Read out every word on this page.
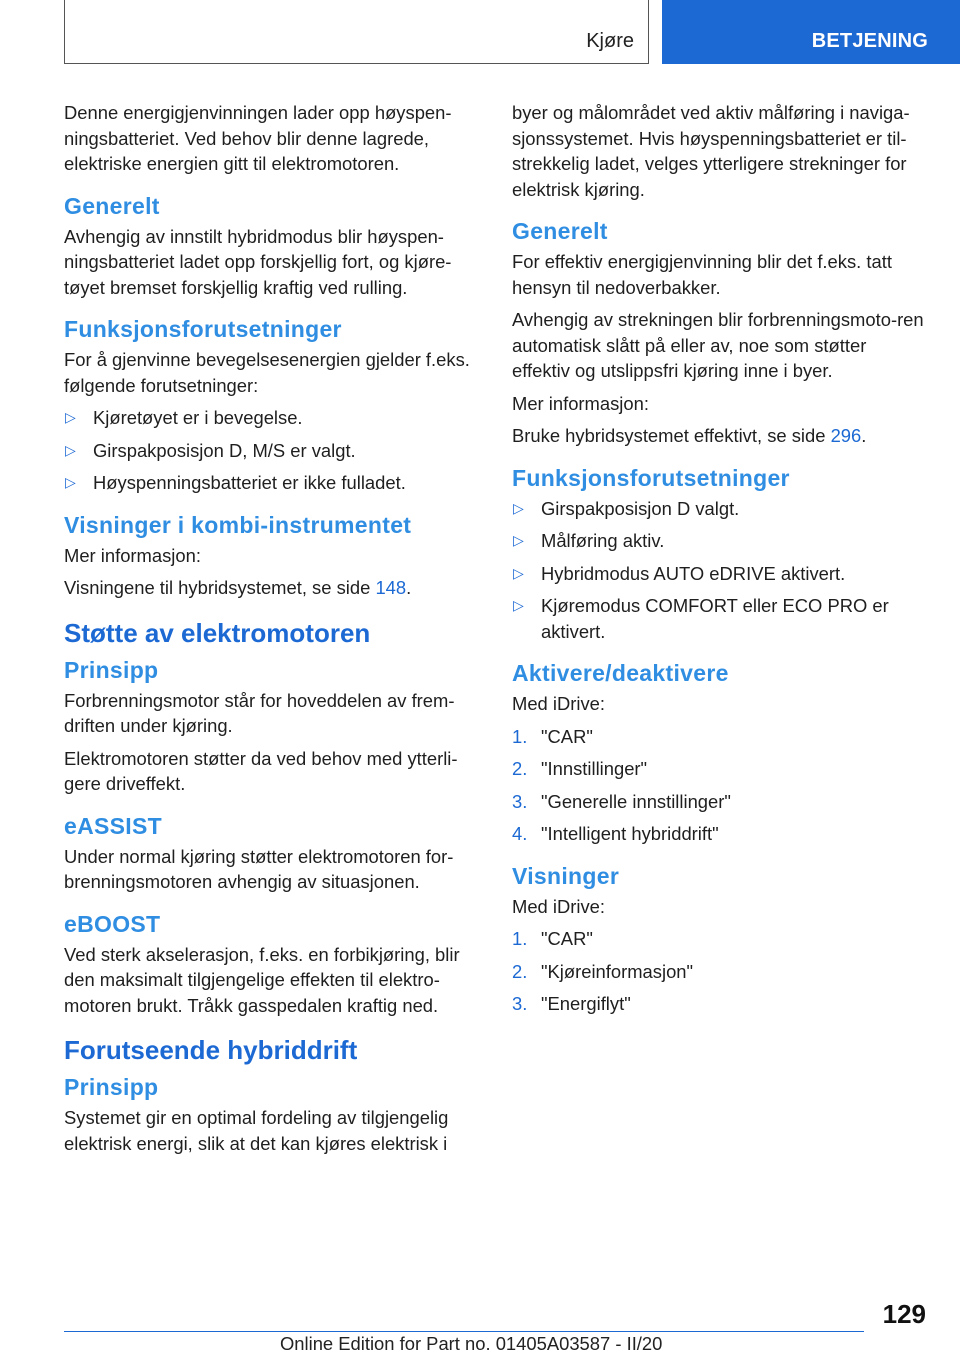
Kjøre	BETJENING

Denne energigjenvinningen lader opp høyspen-ningsbatteriet. Ved behov blir denne lagrede, elektriske energien gitt til elektromotoren.

Generelt

Avhengig av innstilt hybridmodus blir høyspen-ningsbatteriet ladet opp forskjellig fort, og kjøre-tøyet bremset forskjellig kraftig ved rulling.

Funksjonsforutsetninger

For å gjenvinne bevegelsesenergien gjelder f.eks. følgende forutsetninger:

▷ Kjøretøyet er i bevegelse.
▷ Girspakposisjon D, M/S er valgt.
▷ Høyspenningsbatteriet er ikke fulladet.
Visninger i kombi-instrumentet

Mer informasjon:

Visningene til hybridsystemet, se side 148.

Støtte av elektromotoren
Prinsipp

Forbrenningsmotor står for hoveddelen av frem-driften under kjøring.

Elektromotoren støtter da ved behov med ytterli-gere driveffekt.

eASSIST

Under normal kjøring støtter elektromotoren for-brenningsmotoren avhengig av situasjonen.

eBOOST

Ved sterk akselerasjon, f.eks. en forbikjøring, blir den maksimalt tilgjengelige effekten til elektro-motoren brukt. Tråkk gasspedalen kraftig ned.

Forutseende hybriddrift
Prinsipp

Systemet gir en optimal fordeling av tilgjengelig elektrisk energi, slik at det kan kjøres elektrisk i

byer og målområdet ved aktiv målføring i naviga-sjonssystemet. Hvis høyspenningsbatteriet er til-strekkelig ladet, velges ytterligere strekninger for elektrisk kjøring.

Generelt

For effektiv energigjenvinning blir det f.eks. tatt hensyn til nedoverbakker.

Avhengig av strekningen blir forbrenningsmoto-ren automatisk slått på eller av, noe som støtter effektiv og utslippsfri kjøring inne i byer.

Mer informasjon:

Bruke hybridsystemet effektivt, se side 296.

Funksjonsforutsetninger
▷ Girspakposisjon D valgt.
▷ Målføring aktiv.
▷ Hybridmodus AUTO eDRIVE aktivert.
▷ Kjøremodus COMFORT eller ECO PRO er aktivert.
Aktivere/deaktivere

Med iDrive:

1. "CAR"
2. "Innstillinger"
3. "Generelle innstillinger"
4. "Intelligent hybriddrift"
Visninger

Med iDrive:

1. "CAR"
2. "Kjøreinformasjon"
3. "Energiflyt"
129
Online Edition for Part no. 01405A03587 - II/20
